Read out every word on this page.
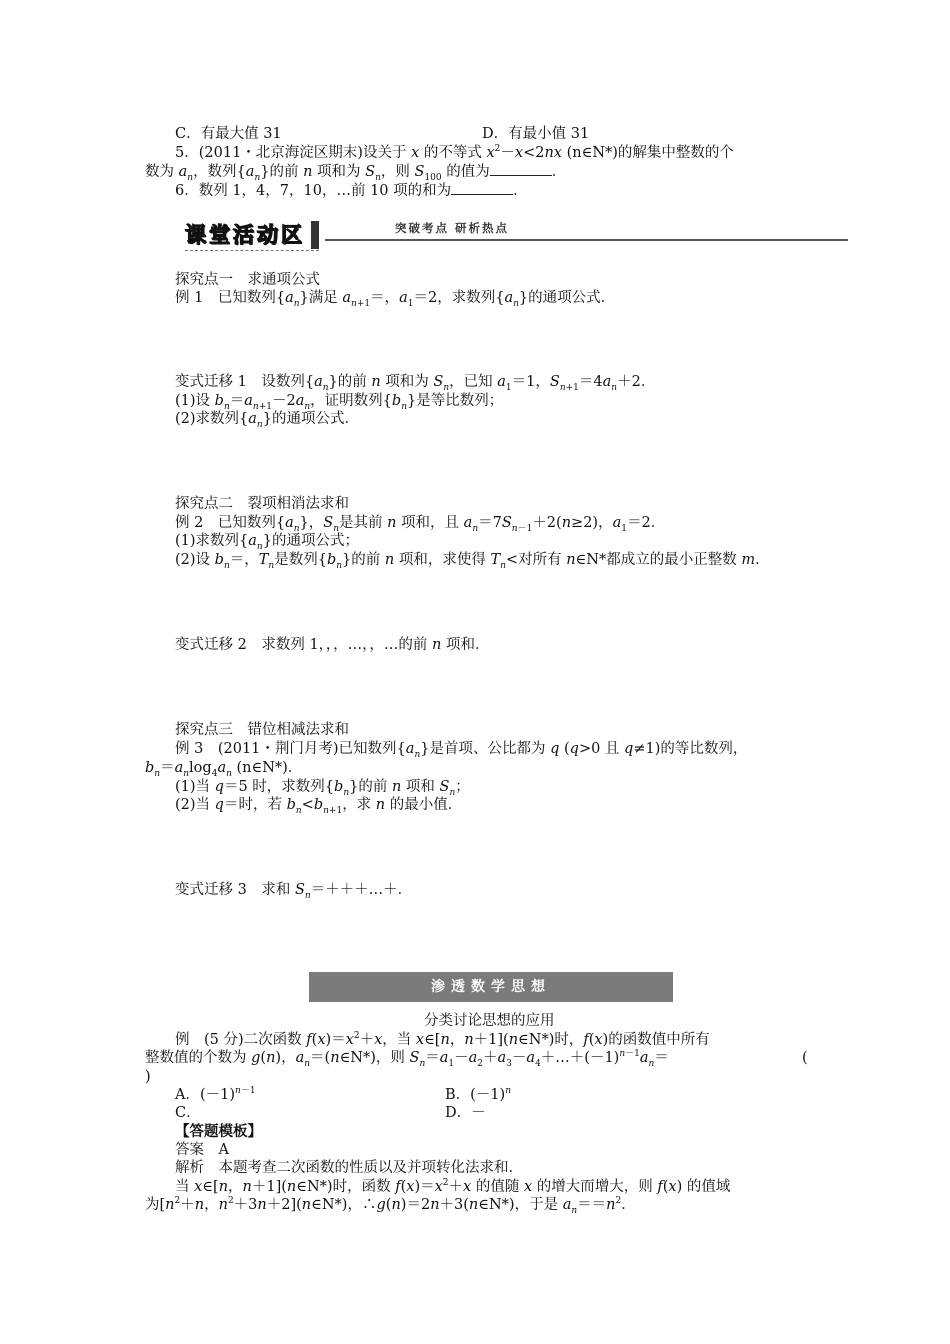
C．有最大值 31	D．有最小值 31
5．(2011・北京海淀区期末)设关于 x 的不等式 $x^2-x<2nx$ (n∈N*)的解集中整数的个
数为 $a_n$，数列$\{a_n\}$的前 n 项和为 $S_n$，则 $S_{100}$ 的值为	．
6．数列 1，4，7，10，…前 10 项的和为	．
课堂活动区	突破考点 研析热点
探究点一　求通项公式
例 1　已知数列$\{a_n\}$满足 $a_{n+1}=$，$a_1=2$，求数列$\{a_n\}$的通项公式．
变式迁移 1　设数列$\{a_n\}$的前 n 项和为 $S_n$，已知 $a_1=1$，$S_{n+1}=4a_n+2$．
(1)设 $b_n=a_{n+1}-2a_n$，证明数列$\{b_n\}$是等比数列；
(2)求数列$\{a_n\}$的通项公式．
探究点二　裂项相消法求和
例 2　已知数列$\{a_n\}$，$S_n$是其前 n 项和，且 $a_n=7S_{n-1}+2(n\ge 2)$，$a_1=2$．
(1)求数列$\{a_n\}$的通项公式；
(2)设 $b_n=$，$T_n$是数列$\{b_n\}$的前 n 项和，求使得 $T_n<$对所有 n∈N*都成立的最小正整数 m．
变式迁移 2　求数列 1，，，…，，…的前 n 项和．
探究点三　错位相减法求和
例 3　(2011・荆门月考)已知数列$\{a_n\}$是首项、公比都为 q (q>0 且 q≠1)的等比数列，
$b_n=a_n\log_4a_n$ (n∈N*)．
(1)当 q＝5 时，求数列$\{b_n\}$的前 n 项和 $S_n$；
(2)当 q＝时，若 $b_n<b_{n+1}$，求 n 的最小值．
变式迁移 3　求和 $S_n=+++\dots+$．
渗透数学思想
分类讨论思想的应用
例　(5 分)二次函数 $f(x)=x^2+x$，当 x∈[n，n＋1](n∈N*)时，f(x)的函数值中所有
整数值的个数为 g(n)，$a_n=(n\in N*)$，则 $S_n=a_1-a_2+a_3-a_4+\dots+(-1)^{n-1}a_n=$	(
)
A．$(-1)^{n-1}$	B．$(-1)^n$
C．	D．－
【答题模板】
答案　A
解析　本题考查二次函数的性质以及并项转化法求和．
当 x∈[n，n＋1](n∈N*)时，函数 $f(x)=x^2+x$ 的值随 x 的增大而增大，则 f(x) 的值域
为[$n^2+n$，$n^2+3n+2](n\in N*)$，∴g(n)＝2n＋3(n∈N*)，于是 $a_n==n^2$．
